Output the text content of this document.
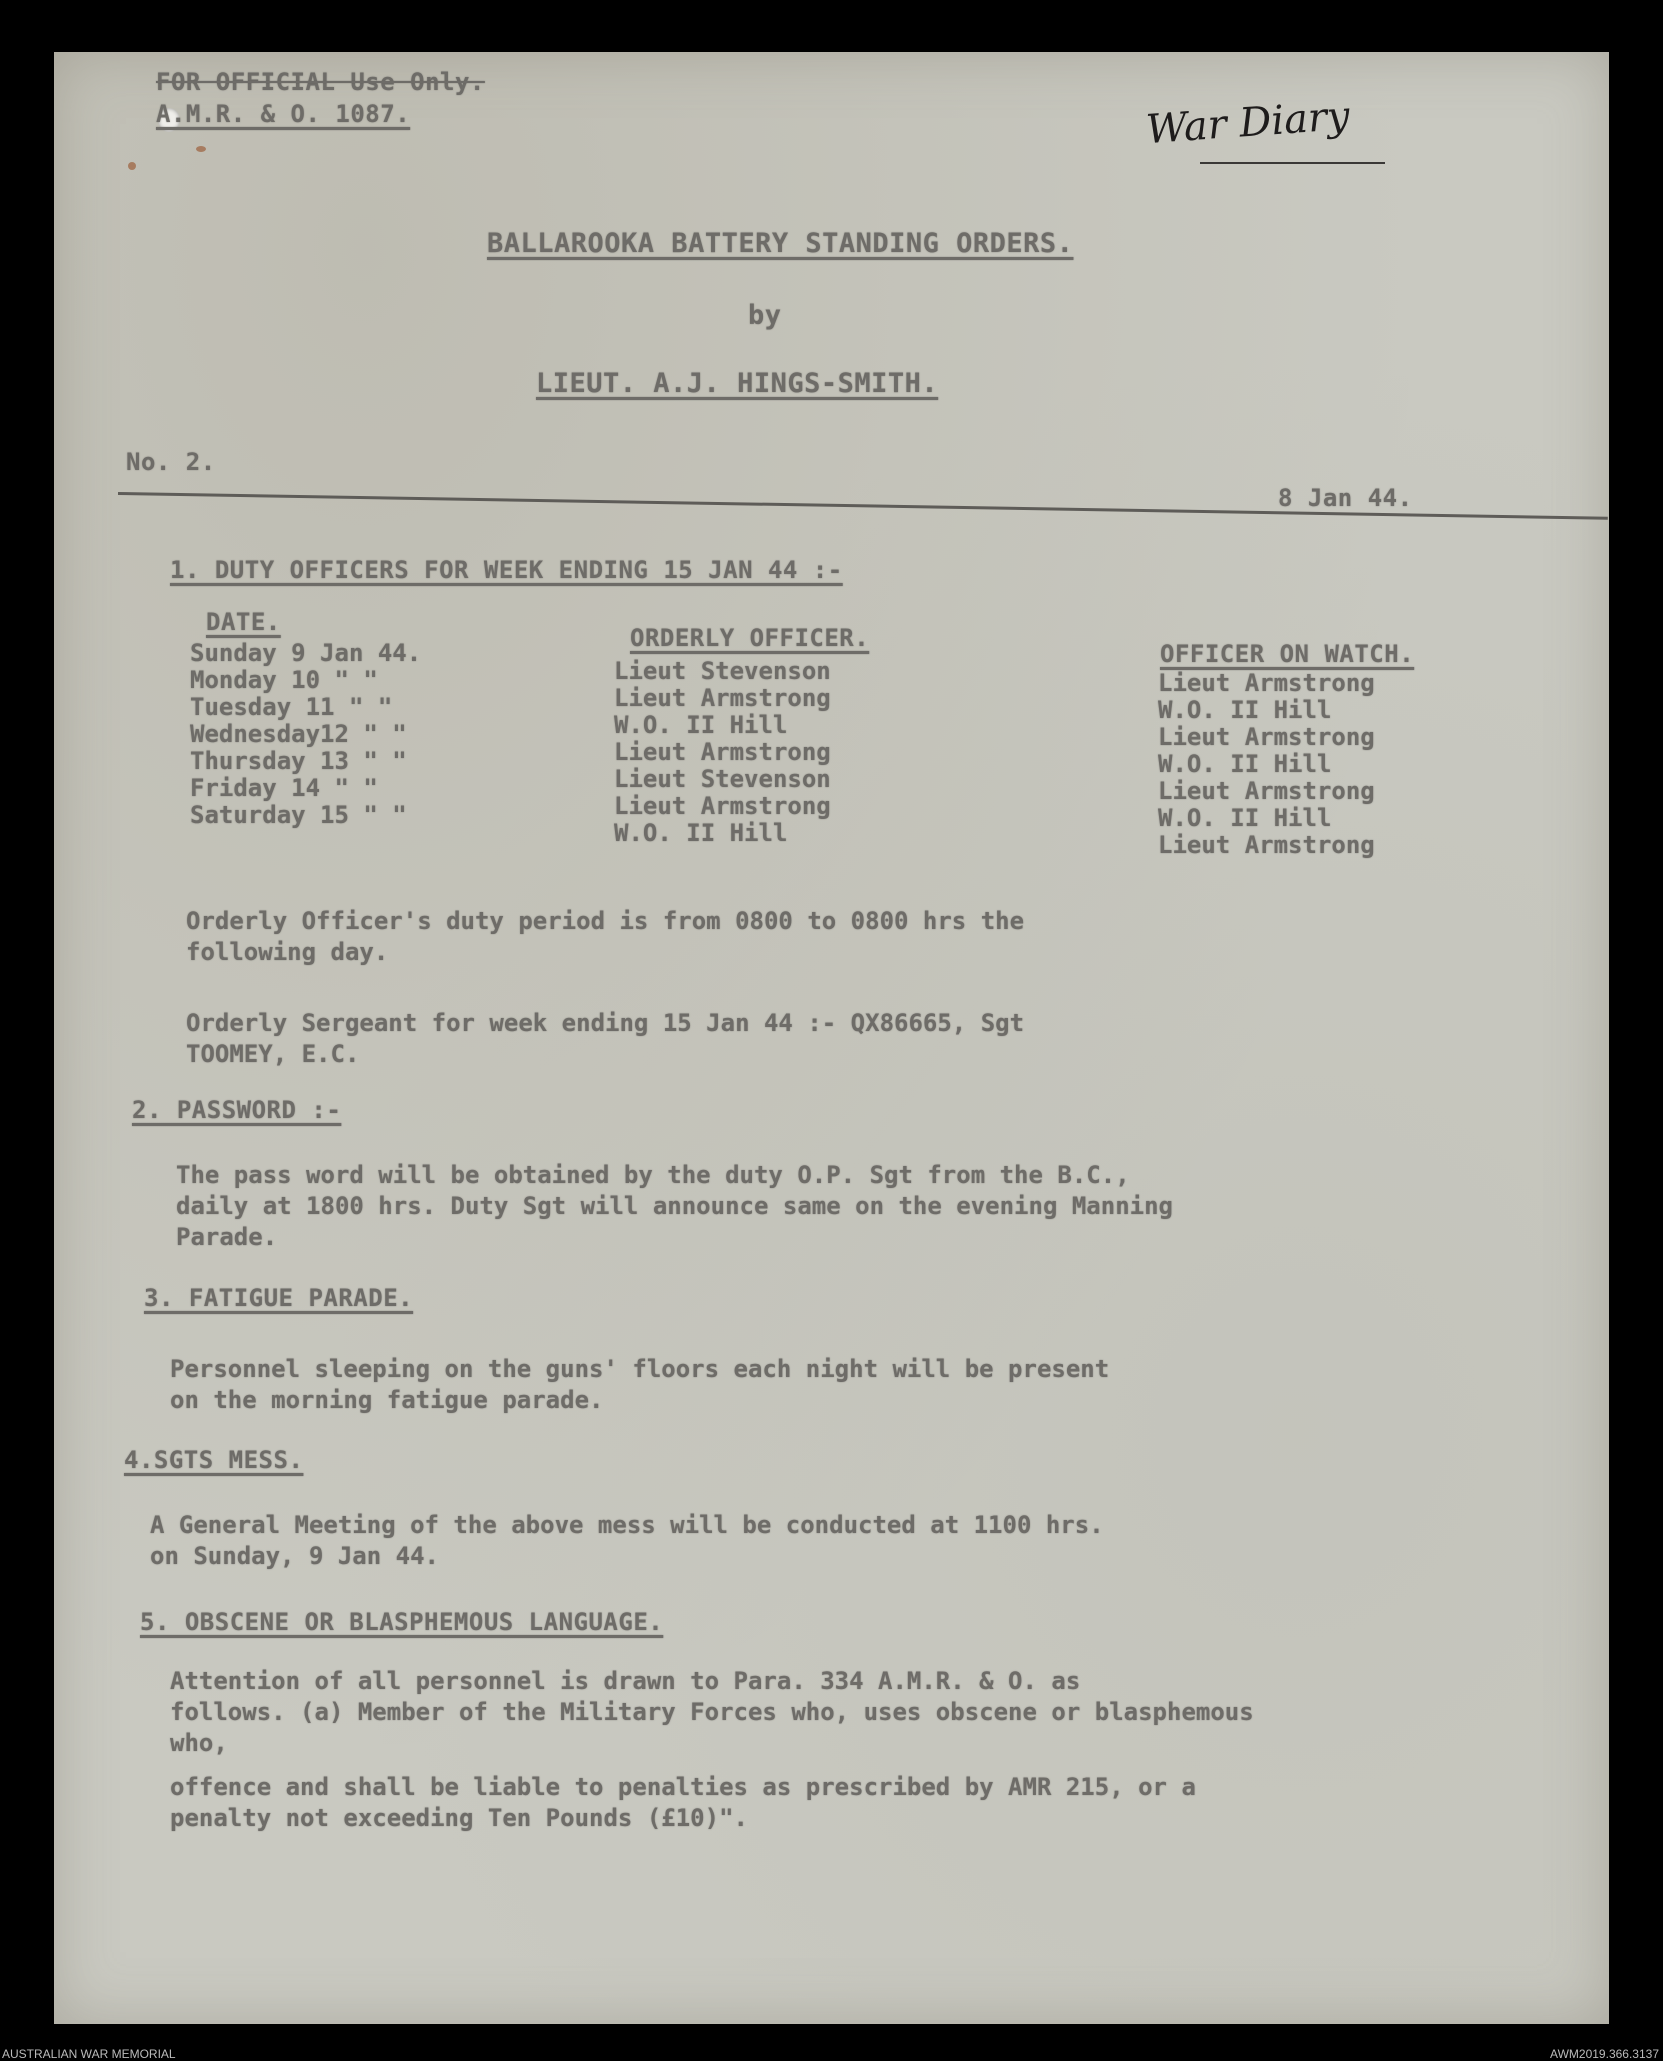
FOR OFFICIAL Use Only.
A.M.R. & O. 1087.	War Diary
BALLAROOKA BATTERY STANDING ORDERS.
by
LIEUT. A.J. HINGS-SMITH.
No. 2.
8 Jan 44.
1. DUTY OFFICERS FOR WEEK ENDING 15 JAN 44 :-
DATE.
ORDERLY OFFICER.
OFFICER ON WATCH.
Sunday 9 Jan 44.
Monday 10 " "
Tuesday 11 " "
Wednesday12 " "
Thursday 13 " "
Friday 14 " "
Saturday 15 " "
Lieut Stevenson
Lieut Armstrong
W.O. II Hill
Lieut Armstrong
Lieut Stevenson
Lieut Armstrong
W.O. II Hill
Lieut Armstrong
W.O. II Hill
Lieut Armstrong
W.O. II Hill
Lieut Armstrong
W.O. II Hill
Lieut Armstrong
Orderly Officer's duty period is from 0800 to 0800 hrs the
following day.
Orderly Sergeant for week ending 15 Jan 44 :- QX86665, Sgt
TOOMEY, E.C.
2. PASSWORD :-
The pass word will be obtained by the duty O.P. Sgt from the B.C.,
daily at 1800 hrs. Duty Sgt will announce same on the evening Manning
Parade.
3. FATIGUE PARADE.
Personnel sleeping on the guns' floors each night will be present
on the morning fatigue parade.
4.SGTS MESS.
A General Meeting of the above mess will be conducted at 1100 hrs.
on Sunday, 9 Jan 44.
5. OBSCENE OR BLASPHEMOUS LANGUAGE.
Attention of all personnel is drawn to Para. 334 A.M.R. & O. as
follows. (a) Member of the Military Forces who, uses obscene or blasphemous
who,
offence and shall be liable to penalties as prescribed by AMR 215, or a
penalty not exceeding Ten Pounds (£10)".
AUSTRALIAN WAR MEMORIAL	AWM2019.366.3137
